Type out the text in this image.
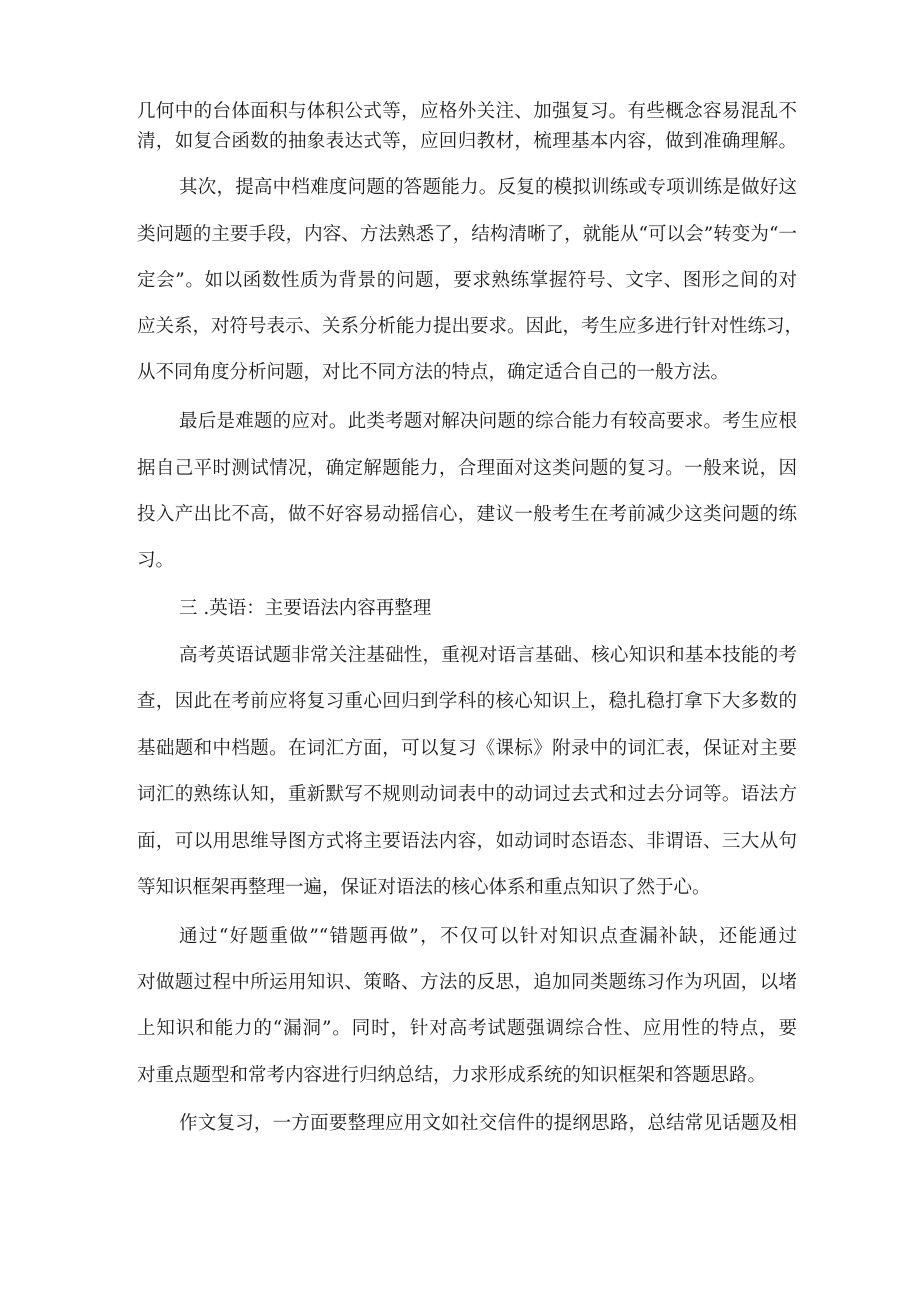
几何中的台体面积与体积公式等，应格外关注、加强复习。有些概念容易混乱不
清，如复合函数的抽象表达式等，应回归教材，梳理基本内容，做到准确理解。
其次，提高中档难度问题的答题能力。反复的模拟训练或专项训练是做好这
类问题的主要手段，内容、方法熟悉了，结构清晰了，就能从“可以会”转变为“一
定会”。如以函数性质为背景的问题，要求熟练掌握符号、文字、图形之间的对
应关系，对符号表示、关系分析能力提出要求。因此，考生应多进行针对性练习，
从不同角度分析问题，对比不同方法的特点，确定适合自己的一般方法。
最后是难题的应对。此类考题对解决问题的综合能力有较高要求。考生应根
据自己平时测试情况，确定解题能力，合理面对这类问题的复习。一般来说，因
投入产出比不高，做不好容易动摇信心，建议一般考生在考前减少这类问题的练
习。
三 .英语：主要语法内容再整理
高考英语试题非常关注基础性，重视对语言基础、核心知识和基本技能的考
查，因此在考前应将复习重心回归到学科的核心知识上，稳扎稳打拿下大多数的
基础题和中档题。在词汇方面，可以复习《课标》附录中的词汇表，保证对主要
词汇的熟练认知，重新默写不规则动词表中的动词过去式和过去分词等。语法方
面，可以用思维导图方式将主要语法内容，如动词时态语态、非谓语、三大从句
等知识框架再整理一遍，保证对语法的核心体系和重点知识了然于心。
通过“好题重做”“错题再做”，不仅可以针对知识点查漏补缺，还能通过
对做题过程中所运用知识、策略、方法的反思，追加同类题练习作为巩固，以堵
上知识和能力的“漏洞”。同时，针对高考试题强调综合性、应用性的特点，要
对重点题型和常考内容进行归纳总结，力求形成系统的知识框架和答题思路。
作文复习，一方面要整理应用文如社交信件的提纲思路，总结常见话题及相
